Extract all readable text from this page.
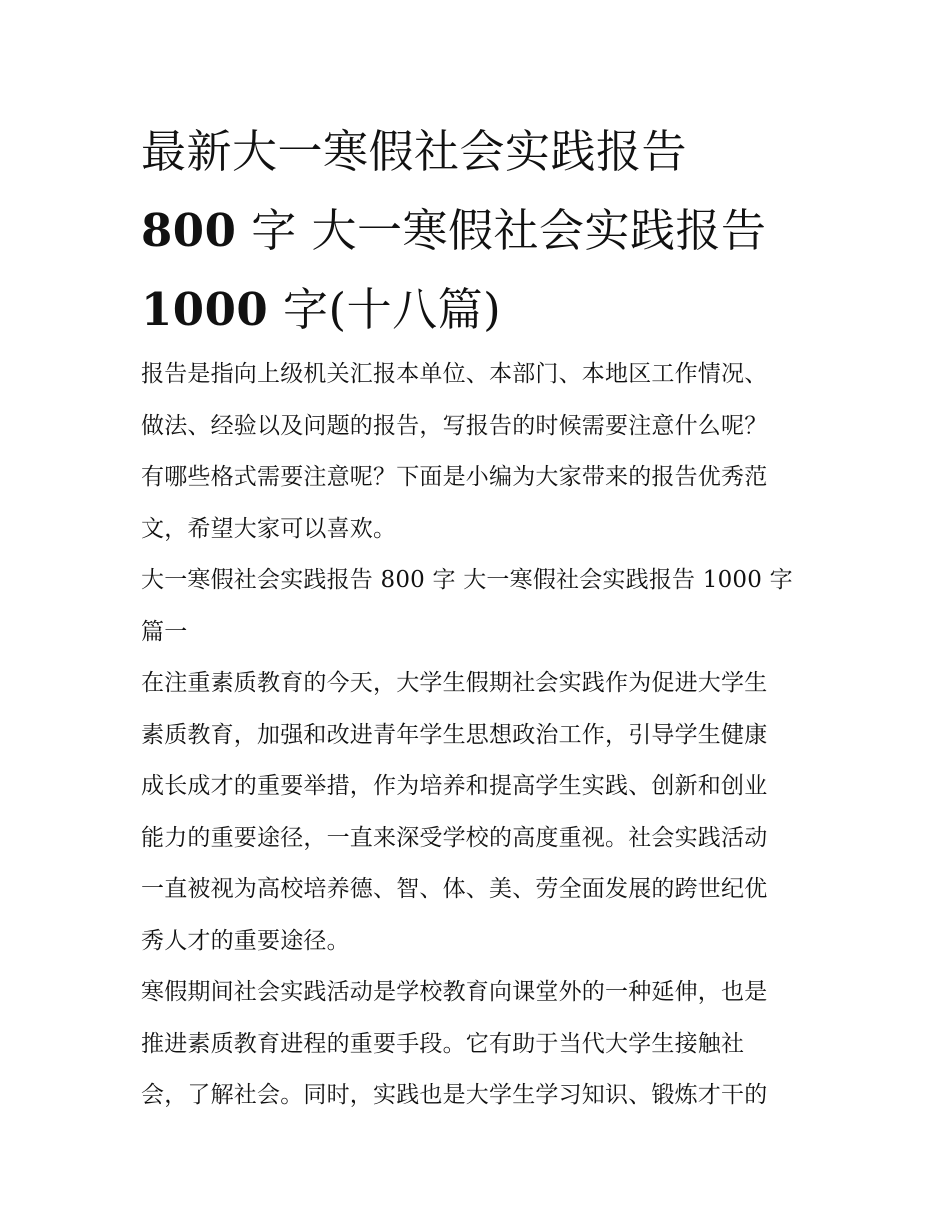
最新大一寒假社会实践报告
800 字 大一寒假社会实践报告
1000 字(十八篇)
报告是指向上级机关汇报本单位、本部门、本地区工作情况、
做法、经验以及问题的报告，写报告的时候需要注意什么呢？
有哪些格式需要注意呢？下面是小编为大家带来的报告优秀范
文，希望大家可以喜欢。
大一寒假社会实践报告 800 字 大一寒假社会实践报告 1000 字
篇一
在注重素质教育的今天，大学生假期社会实践作为促进大学生
素质教育，加强和改进青年学生思想政治工作，引导学生健康
成长成才的重要举措，作为培养和提高学生实践、创新和创业
能力的重要途径，一直来深受学校的高度重视。社会实践活动
一直被视为高校培养德、智、体、美、劳全面发展的跨世纪优
秀人才的重要途径。
寒假期间社会实践活动是学校教育向课堂外的一种延伸，也是
推进素质教育进程的重要手段。它有助于当代大学生接触社
会，了解社会。同时，实践也是大学生学习知识、锻炼才干的
